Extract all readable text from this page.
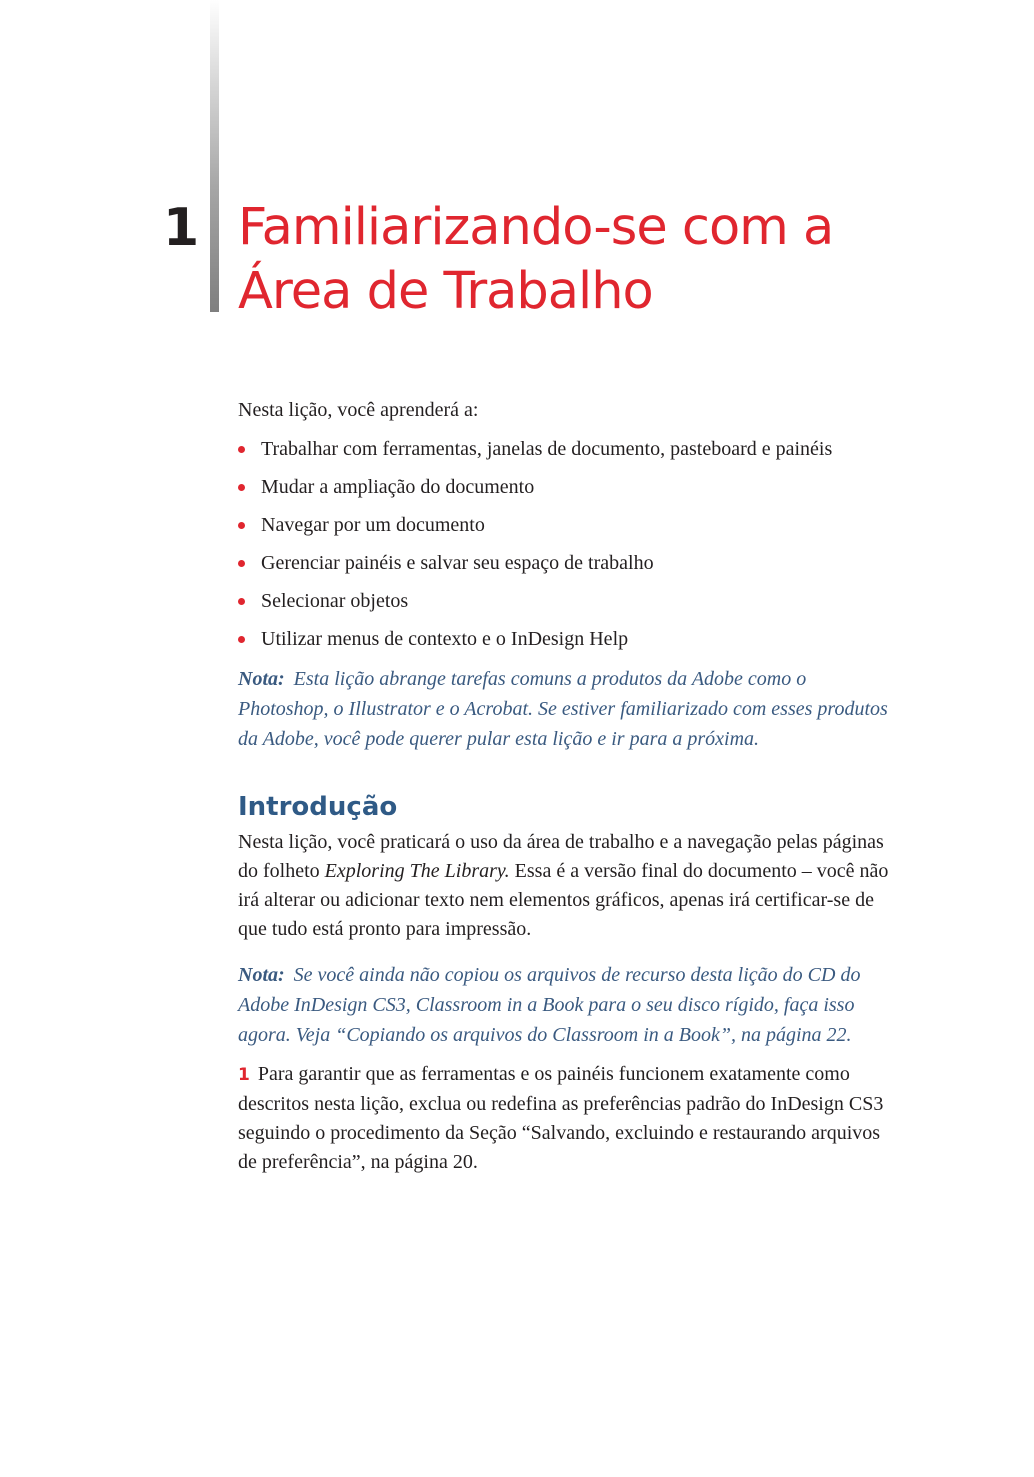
1 Familiarizando-se com a
Área de Trabalho

Nesta lição, você aprenderá a:

Trabalhar com ferramentas, janelas de documento, pasteboard e painéis
Mudar a ampliação do documento
Navegar por um documento
Gerenciar painéis e salvar seu espaço de trabalho
Selecionar objetos
Utilizar menus de contexto e o InDesign Help

Nota: Esta lição abrange tarefas comuns a produtos da Adobe como o Photoshop, o Illustrator e o Acrobat. Se estiver familiarizado com esses produtos da Adobe, você pode querer pular esta lição e ir para a próxima.

Introdução

Nesta lição, você praticará o uso da área de trabalho e a navegação pelas páginas do folheto Exploring The Library. Essa é a versão final do documento – você não irá alterar ou adicionar texto nem elementos gráficos, apenas irá certificar-se de que tudo está pronto para impressão.

Nota: Se você ainda não copiou os arquivos de recurso desta lição do CD do Adobe InDesign CS3, Classroom in a Book para o seu disco rígido, faça isso agora. Veja “Copiando os arquivos do Classroom in a Book”, na página 22.

1 Para garantir que as ferramentas e os painéis funcionem exatamente como descritos nesta lição, exclua ou redefina as preferências padrão do InDesign CS3 seguindo o procedimento da Seção “Salvando, excluindo e restaurando arquivos de preferência”, na página 20.
